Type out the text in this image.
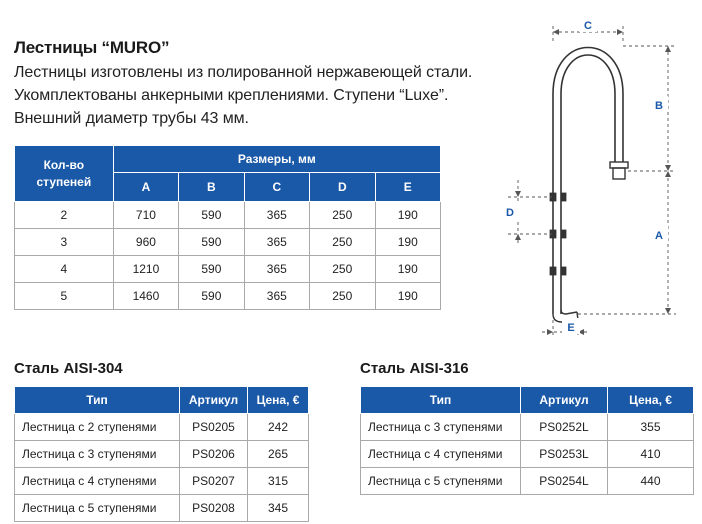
Лестницы “MURO”
Лестницы изготовлены из полированной нержавеющей стали.
Укомплектованы анкерными креплениями. Ступени “Luxe”.
Внешний диаметр трубы 43 мм.
Кол-во
ступеней	Размеры, мм				
	A	B	C	D	E
2	710	590	365	250	190
3	960	590	365	250	190
4	1210	590	365	250	190
5	1460	590	365	250	190
Сталь AISI-304
Тип	Артикул	Цена, €
Лестница с 2 ступенями	PS0205	242
Лестница с 3 ступенями	PS0206	265
Лестница с 4 ступенями	PS0207	315
Лестница с 5 ступенями	PS0208	345
Сталь AISI-316
Тип	Артикул	Цена, €
Лестница с 3 ступенями	PS0252L	355
Лестница с 4 ступенями	PS0253L	410
Лестница с 5 ступенями	PS0254L	440
C
B
A
D
E
